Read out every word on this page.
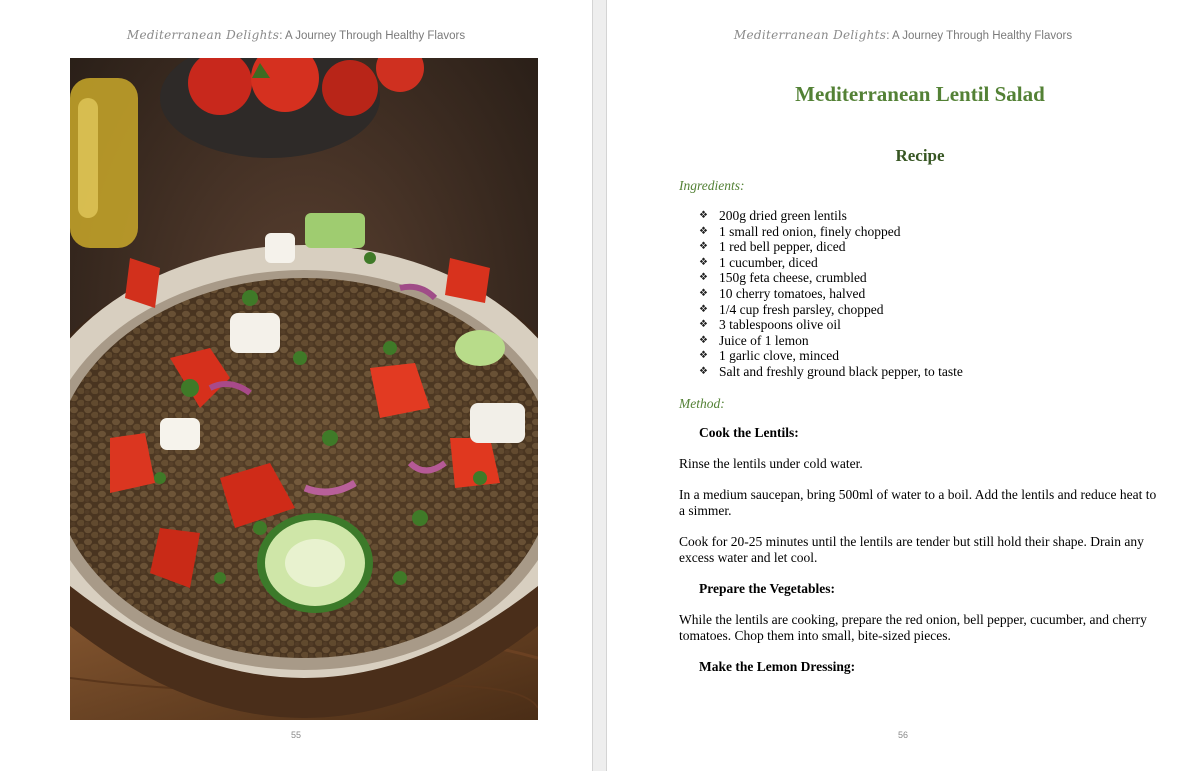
Mediterranean Delights: A Journey Through Healthy Flavors
55
Mediterranean Delights: A Journey Through Healthy Flavors
56
Mediterranean Lentil Salad
Recipe
Ingredients:
❖ 200g dried green lentils
❖ 1 small red onion, finely chopped
❖ 1 red bell pepper, diced
❖ 1 cucumber, diced
❖ 150g feta cheese, crumbled
❖ 10 cherry tomatoes, halved
❖ 1/4 cup fresh parsley, chopped
❖ 3 tablespoons olive oil
❖ Juice of 1 lemon
❖ 1 garlic clove, minced
❖ Salt and freshly ground black pepper, to taste
Method:
Cook the Lentils:
Rinse the lentils under cold water.
In a medium saucepan, bring 500ml of water to a boil. Add the lentils and reduce heat to a simmer.
Cook for 20-25 minutes until the lentils are tender but still hold their shape. Drain any excess water and let cool.
Prepare the Vegetables:
While the lentils are cooking, prepare the red onion, bell pepper, cucumber, and cherry tomatoes. Chop them into small, bite-sized pieces.
Make the Lemon Dressing:
